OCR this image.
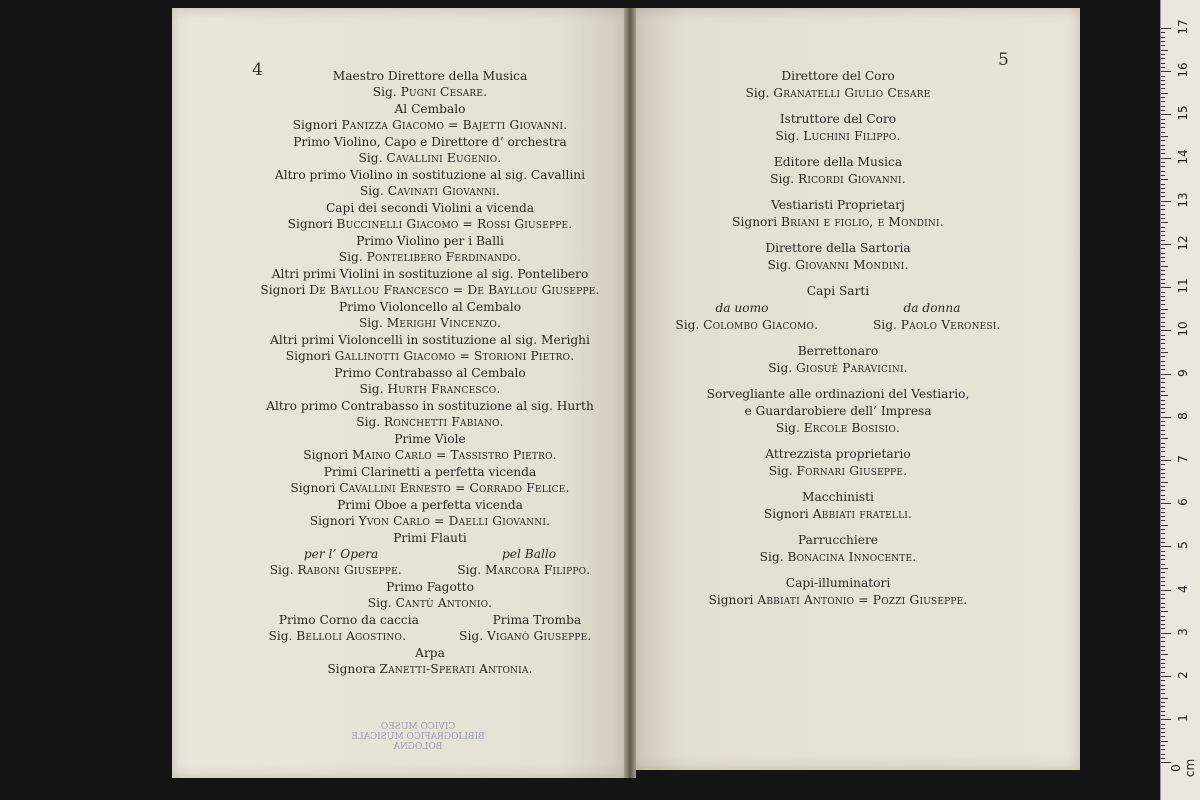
4	5
Maestro Direttore della Musica
Sig. Pugni Cesare.
Al Cembalo
Signori Panizza Giacomo = Bajetti Giovanni.
Primo Violino, Capo e Direttore d’ orchestra
Sig. Cavallini Eugenio.
Altro primo Violino in sostituzione al sig. Cavallini
Sig. Cavinati Giovanni.
Capi dei secondi Violini a vicenda
Signori Buccinelli Giacomo = Rossi Giuseppe.
Primo Violino per i Balli
Sig. Pontelibero Ferdinando.
Altri primi Violini in sostituzione al sig. Pontelibero
Signori De Bayllou Francesco = De Bayllou Giuseppe.
Primo Violoncello al Cembalo
Sig. Merighi Vincenzo.
Altri primi Violoncelli in sostituzione al sig. Merighi
Signori Gallinotti Giacomo = Storioni Pietro.
Primo Contrabasso al Cembalo
Sig. Hurth Francesco.
Altro primo Contrabasso in sostituzione al sig. Hurth
Sig. Ronchetti Fabiano.
Prime Viole
Signori Maino Carlo = Tassistro Pietro.
Primi Clarinetti a perfetta vicenda
Signori Cavallini Ernesto = Corrado Felice.
Primi Oboe a perfetta vicenda
Signori Yvon Carlo = Daelli Giovanni.
Primi Flauti
per l’ Opera	pel Ballo
Sig. Raboni Giuseppe.	Sig. Marcora Filippo.
Primo Fagotto
Sig. Cantù Antonio.
Primo Corno da caccia	Prima Tromba
Sig. Belloli Agostino.	Sig. Viganò Giuseppe.
Arpa
Signora Zanetti-Sperati Antonia.
Direttore del Coro
Sig. Granatelli Giulio Cesare
Istruttore del Coro
Sig. Luchini Filippo.
Editore della Musica
Sig. Ricordi Giovanni.
Vestiaristi Proprietarj
Signori Briani e figlio, e Mondini.
Direttore della Sartoria
Sig. Giovanni Mondini.
Capi Sarti
da uomo	da donna
Sig. Colombo Giacomo.	Sig. Paolo Veronesi.
Berrettonaro
Sig. Giosuè Paravicini.
Sorvegliante alle ordinazioni del Vestiario,
e Guardarobiere dell’ Impresa
Sig. Ercole Bosisio.
Attrezzista proprietario
Sig. Fornari Giuseppe.
Macchinisti
Signori Abbiati fratelli.
Parrucchiere
Sig. Bonacina Innocente.
Capi-illuminatori
Signori Abbiati Antonio = Pozzi Giuseppe.
CIVICO MUSEO
BIBLIOGRAFICO MUSICALE
BOLOGNA
17
16
15
14
13
12
11
10
9
8
7
6
5
4
3
2
1
0 cm
